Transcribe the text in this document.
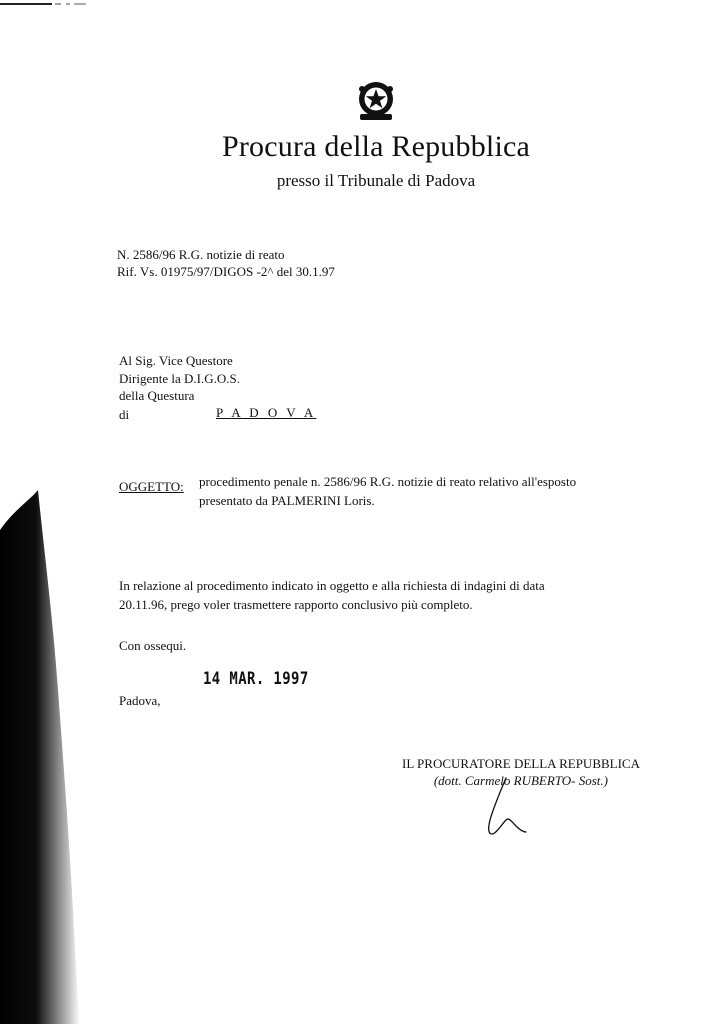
Procura della Repubblica
presso il Tribunale di Padova
N. 2586/96 R.G. notizie di reato
Rif. Vs. 01975/97/DIGOS -2^ del 30.1.97
Al Sig. Vice Questore
Dirigente la D.I.G.O.S.
della Questura
di	P A D O V A
OGGETTO: procedimento penale n. 2586/96 R.G. notizie di reato relativo all'esposto
presentato da PALMERINI Loris.
In relazione al procedimento indicato in oggetto e alla richiesta di indagini di data
20.11.96, prego voler trasmettere rapporto conclusivo più completo.
Con ossequi.
14 MAR. 1997
Padova,
IL PROCURATORE DELLA REPUBBLICA
(dott. Carmelo RUBERTO- Sost.)
